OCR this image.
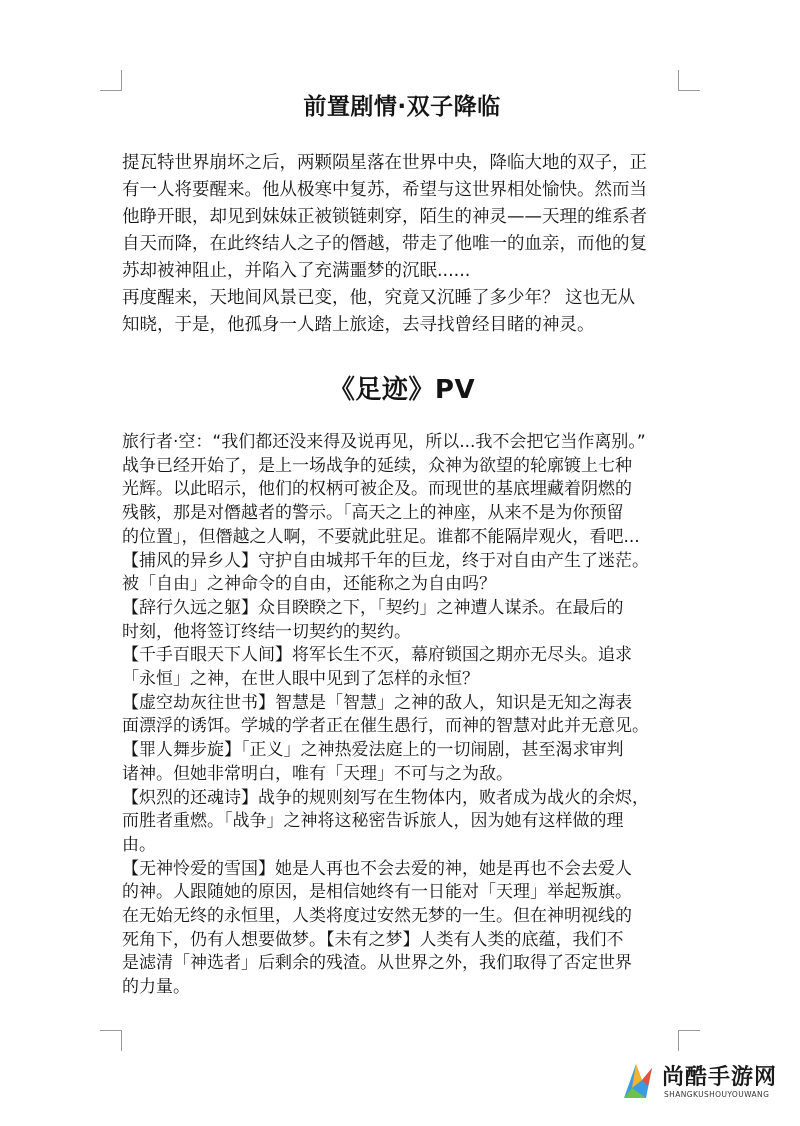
前置剧情·双子降临
提瓦特世界崩坏之后，两颗陨星落在世界中央，降临大地的双子，正
有一人将要醒来。他从极寒中复苏，希望与这世界相处愉快。然而当
他睁开眼，却见到妹妹正被锁链刺穿，陌生的神灵——天理的维系者
自天而降，在此终结人之子的僭越，带走了他唯一的血亲，而他的复
苏却被神阻止，并陷入了充满噩梦的沉眠......
再度醒来，天地间风景已变，他，究竟又沉睡了多少年？ 这也无从
知晓，于是，他孤身一人踏上旅途，去寻找曾经目睹的神灵。
《足迹》PV
旅行者·空：“我们都还没来得及说再见，所以...我不会把它当作离别。”
战争已经开始了，是上一场战争的延续，众神为欲望的轮廓镀上七种
光辉。以此昭示，他们的权柄可被企及。而现世的基底埋藏着阴燃的
残骸，那是对僭越者的警示。「高天之上的神座，从来不是为你预留
的位置」，但僭越之人啊，不要就此驻足。谁都不能隔岸观火，看吧...
【捕风的异乡人】守护自由城邦千年的巨龙，终于对自由产生了迷茫。
被「自由」之神命令的自由，还能称之为自由吗？
【辞行久远之躯】众目睽睽之下，「契约」之神遭人谋杀。在最后的
时刻，他将签订终结一切契约的契约。
【千手百眼天下人间】将军长生不灭，幕府锁国之期亦无尽头。追求
「永恒」之神，在世人眼中见到了怎样的永恒？
【虚空劫灰往世书】智慧是「智慧」之神的敌人，知识是无知之海表
面漂浮的诱饵。学城的学者正在催生愚行，而神的智慧对此并无意见。
【罪人舞步旋】「正义」之神热爱法庭上的一切闹剧，甚至渴求审判
诸神。但她非常明白，唯有「天理」不可与之为敌。
【炽烈的还魂诗】战争的规则刻写在生物体内，败者成为战火的余烬，
而胜者重燃。「战争」之神将这秘密告诉旅人，因为她有这样做的理
由。
【无神怜爱的雪国】她是人再也不会去爱的神，她是再也不会去爱人
的神。人跟随她的原因，是相信她终有一日能对「天理」举起叛旗。
在无始无终的永恒里，人类将度过安然无梦的一生。但在神明视线的
死角下，仍有人想要做梦。【未有之梦】人类有人类的底蕴，我们不
是滤清「神选者」后剩余的残渣。从世界之外，我们取得了否定世界
的力量。
尚酷手游网
SHANGKUSHOUYOUWANG
